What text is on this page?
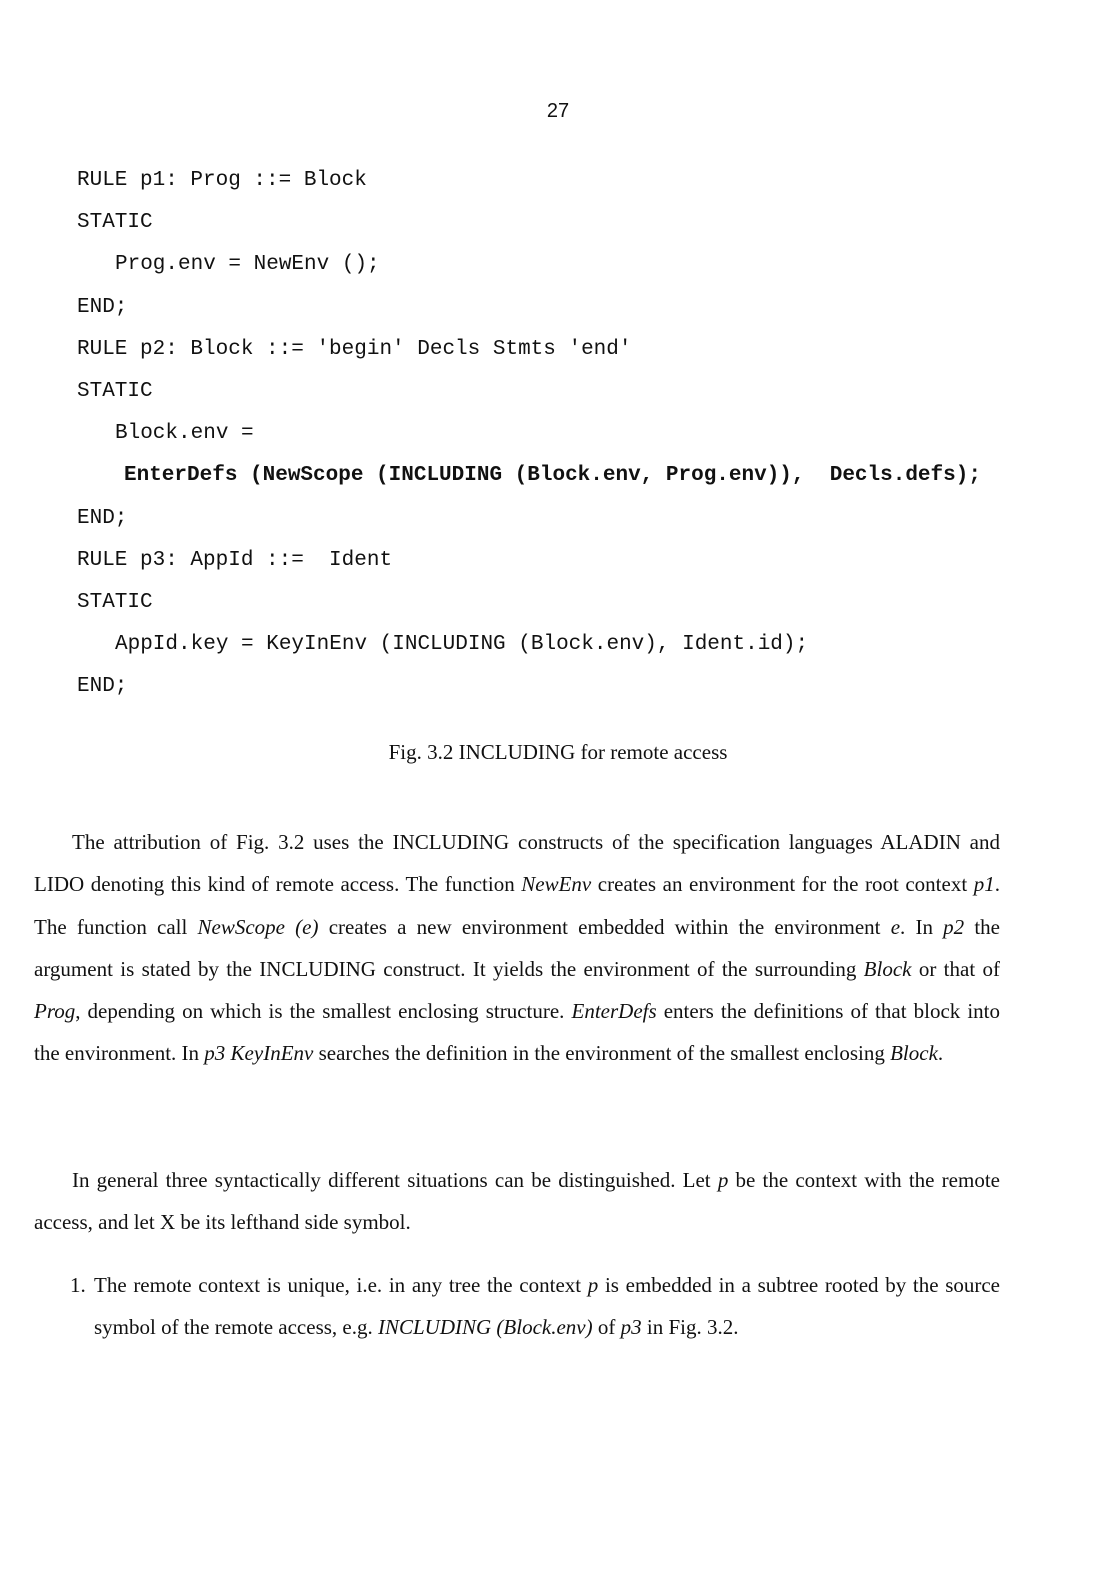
27
RULE p1: Prog ::= Block
STATIC
Prog.env = NewEnv ();
END;
RULE p2: Block ::= 'begin' Decls Stmts 'end'
STATIC
Block.env =
EnterDefs (NewScope (INCLUDING (Block.env, Prog.env)),  Decls.defs);
END;
RULE p3: AppId ::=  Ident
STATIC
AppId.key = KeyInEnv (INCLUDING (Block.env), Ident.id);
END;
Fig. 3.2 INCLUDING for remote access

The attribution of Fig. 3.2 uses the INCLUDING constructs of the specification languages ALADIN and LIDO denoting this kind of remote access. The function NewEnv creates an environment for the root context p1. The function call NewScope (e) creates a new environment embedded within the environment e. In p2 the argument is stated by the INCLUDING construct. It yields the environment of the surrounding Block or that of Prog, depending on which is the smallest enclosing structure. EnterDefs enters the definitions of that block into the environment. In p3 KeyInEnv searches the definition in the environment of the smallest enclosing Block.

In general three syntactically different situations can be distinguished. Let p be the context with the remote access, and let X be its lefthand side symbol.

1. The remote context is unique, i.e. in any tree the context p is embedded in a subtree rooted by the source symbol of the remote access, e.g. INCLUDING (Block.env) of p3 in Fig. 3.2.
